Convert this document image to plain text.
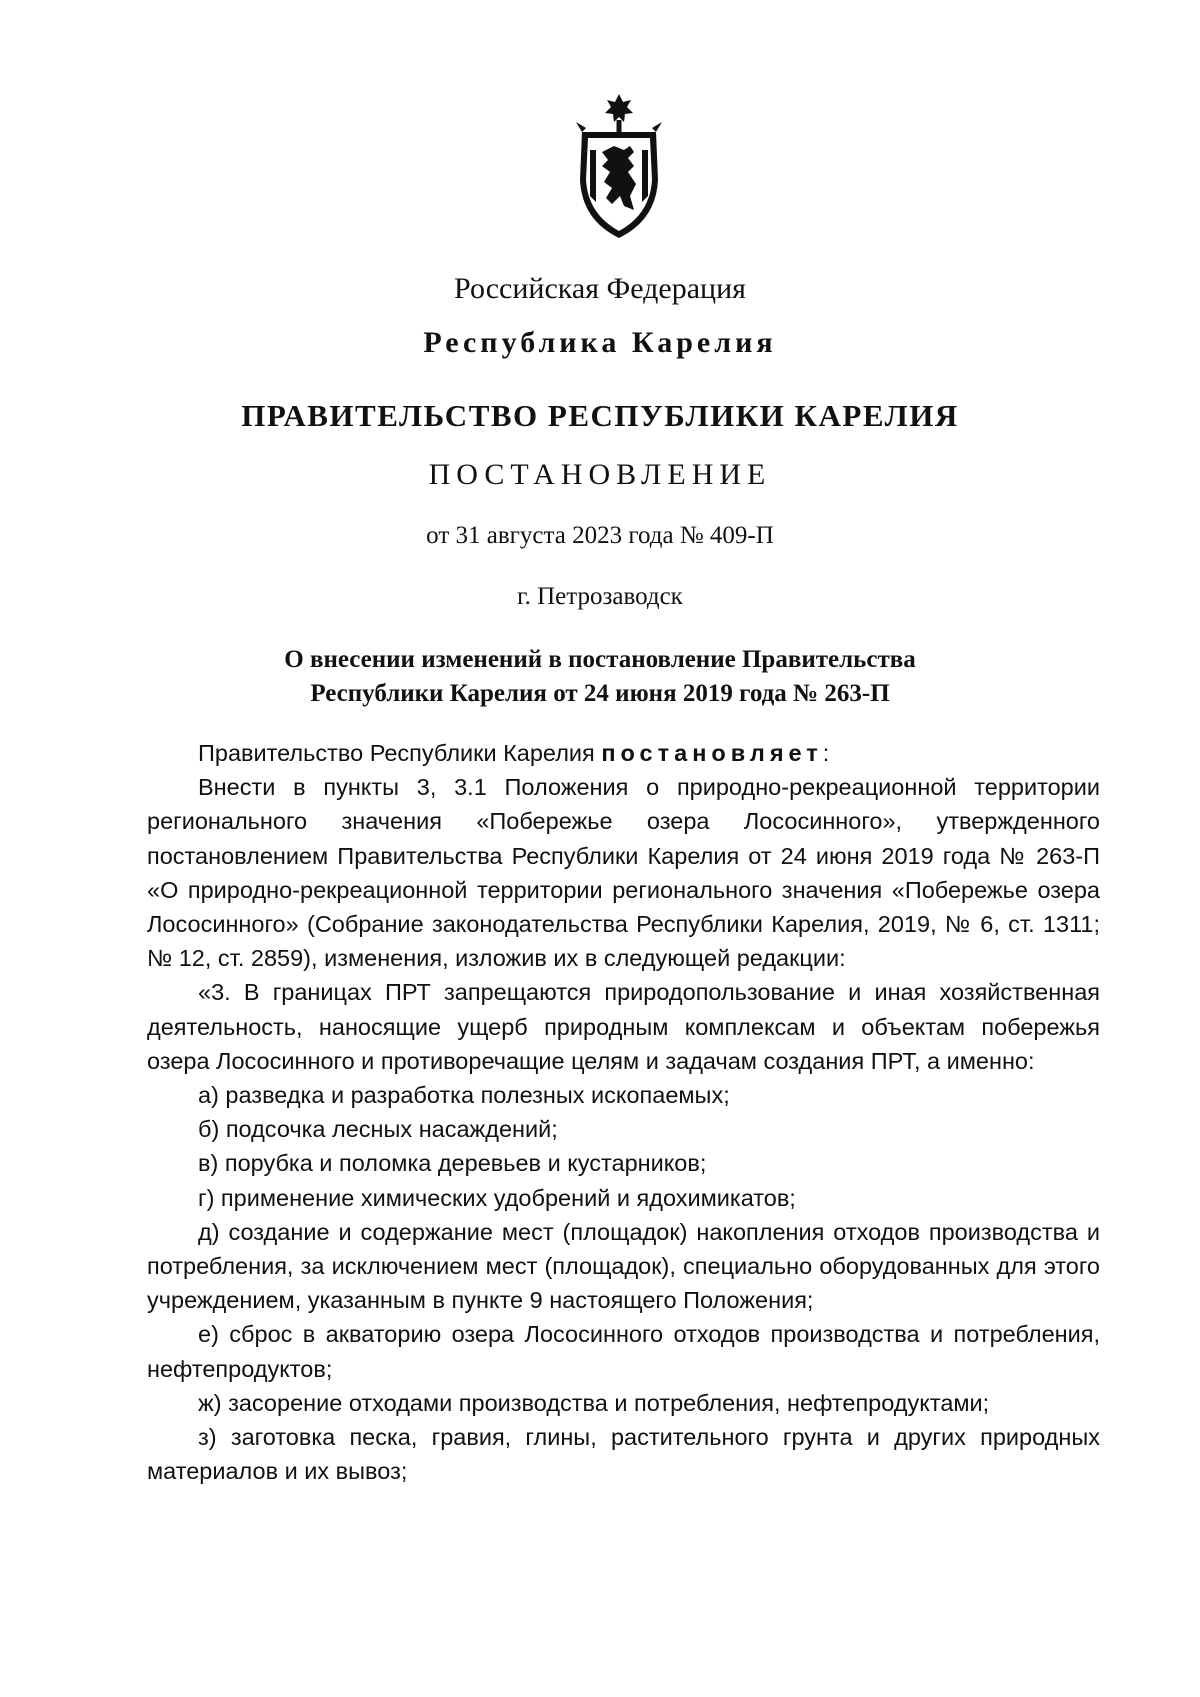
Российская Федерация
Республика Карелия
ПРАВИТЕЛЬСТВО РЕСПУБЛИКИ КАРЕЛИЯ
ПОСТАНОВЛЕНИЕ
от 31 августа 2023 года № 409-П
г. Петрозаводск
О внесении изменений в постановление Правительства
Республики Карелия от 24 июня 2019 года № 263-П

Правительство Республики Карелия постановляет:

Внести в пункты 3, 3.1 Положения о природно-рекреационной территории регионального значения «Побережье озера Лососинного», утвержденного постановлением Правительства Республики Карелия от 24 июня 2019 года № 263-П «О природно-рекреационной территории регионального значения «Побережье озера Лососинного» (Собрание законодательства Республики Карелия, 2019, № 6, ст. 1311; № 12, ст. 2859), изменения, изложив их в следующей редакции:

«3. В границах ПРТ запрещаются природопользование и иная хозяйственная деятельность, наносящие ущерб природным комплексам и объектам побережья озера Лососинного и противоречащие целям и задачам создания ПРТ, а именно:

а) разведка и разработка полезных ископаемых;

б) подсочка лесных насаждений;

в) порубка и поломка деревьев и кустарников;

г) применение химических удобрений и ядохимикатов;

д) создание и содержание мест (площадок) накопления отходов производства и потребления, за исключением мест (площадок), специально оборудованных для этого учреждением, указанным в пункте 9 настоящего Положения;

е) сброс в акваторию озера Лососинного отходов производства и потребления, нефтепродуктов;

ж) засорение отходами производства и потребления, нефтепродуктами;

з) заготовка песка, гравия, глины, растительного грунта и других природных материалов и их вывоз;
